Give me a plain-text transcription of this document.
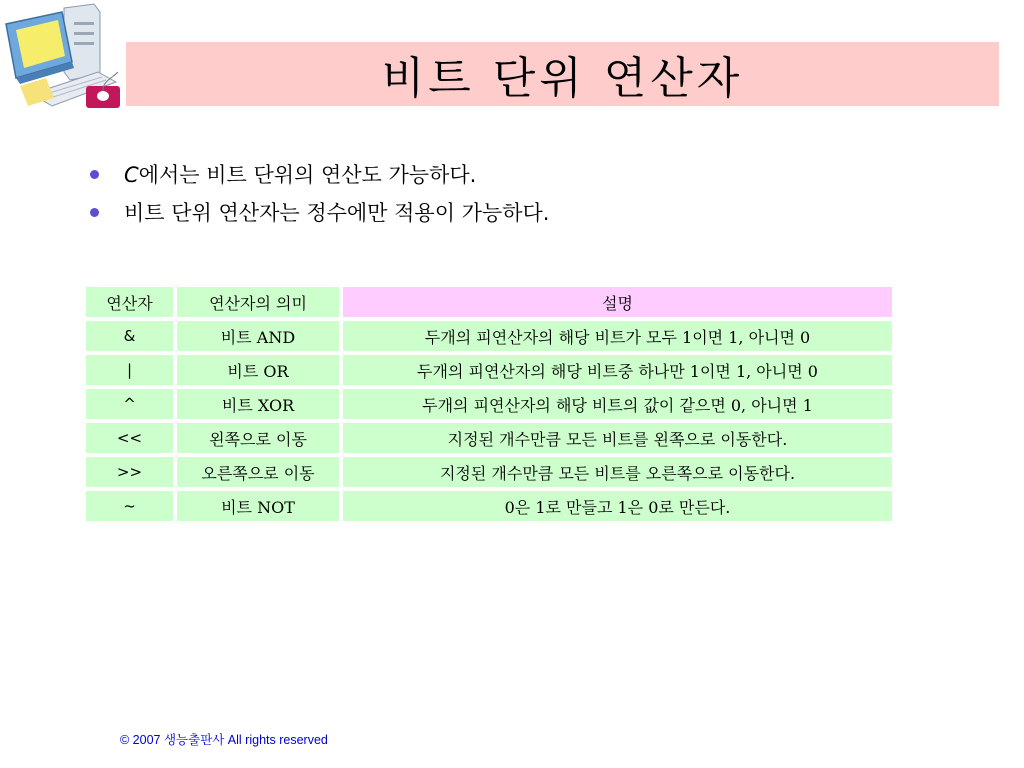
비트 단위 연산자
C에서는 비트 단위의 연산도 가능하다.
비트 단위 연산자는 정수에만 적용이 가능하다.
연산자	연산자의 의미	설명
&	비트 AND	두개의 피연산자의 해당 비트가 모두 1이면 1, 아니면 0
|	비트 OR	두개의 피연산자의 해당 비트중 하나만 1이면 1, 아니면 0
^	비트 XOR	두개의 피연산자의 해당 비트의 값이 같으면 0, 아니면 1
<<	왼쪽으로 이동	지정된 개수만큼 모든 비트를 왼쪽으로 이동한다.
>>	오른쪽으로 이동	지정된 개수만큼 모든 비트를 오른쪽으로 이동한다.
~	비트 NOT	0은 1로 만들고 1은 0로 만든다.
© 2007 생능출판사 All rights reserved
